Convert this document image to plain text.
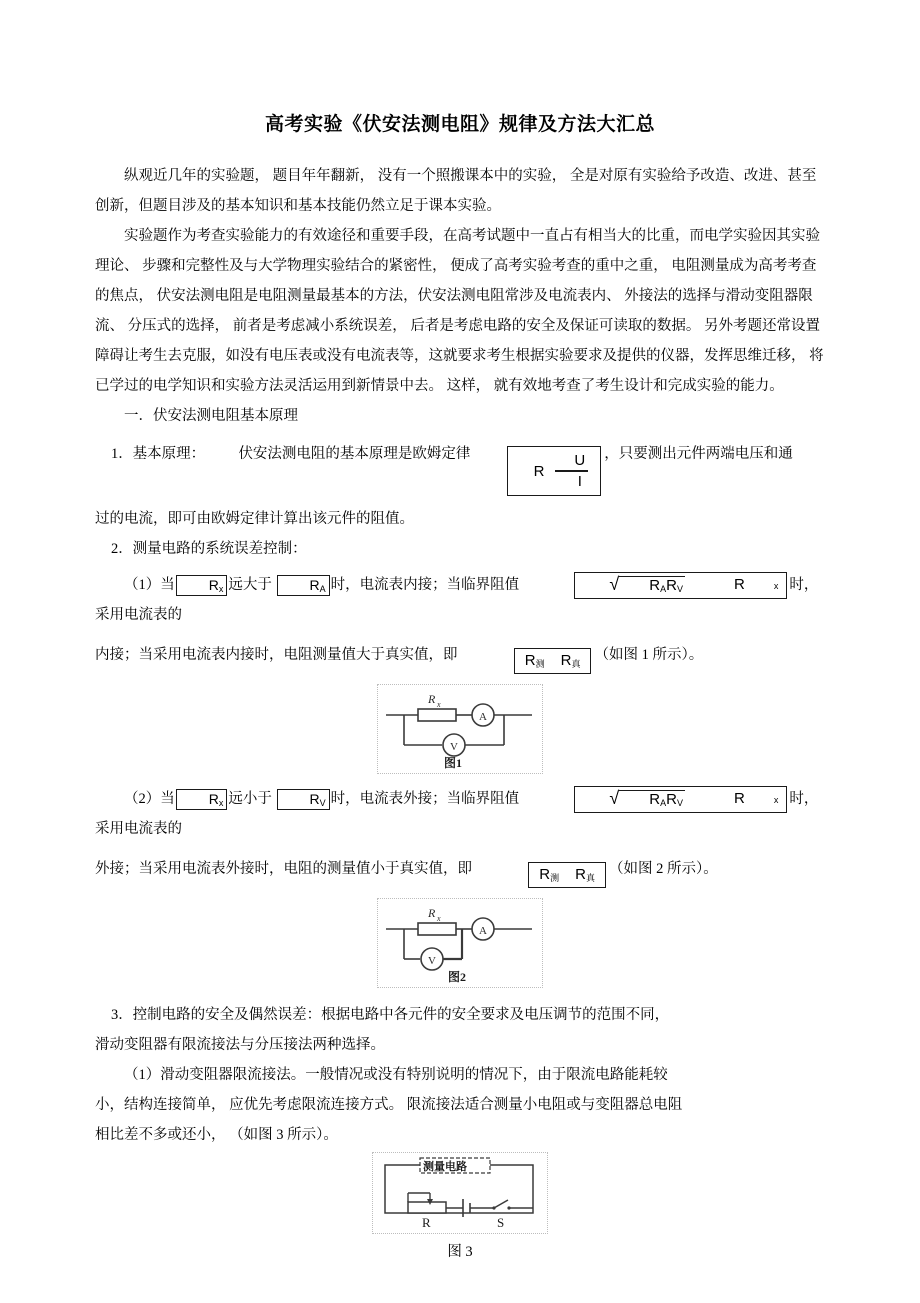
高考实验《伏安法测电阻》规律及方法大汇总

纵观近几年的实验题， 题目年年翻新， 没有一个照搬课本中的实验， 全是对原有实验给予改造、改进、甚至创新，但题目涉及的基本知识和基本技能仍然立足于课本实验。

实验题作为考查实验能力的有效途径和重要手段，在高考试题中一直占有相当大的比重，而电学实验因其实验理论、 步骤和完整性及与大学物理实验结合的紧密性， 便成了高考实验考查的重中之重， 电阻测量成为高考考查的焦点， 伏安法测电阻是电阻测量最基本的方法，伏安法测电阻常涉及电流表内、 外接法的选择与滑动变阻器限流、 分压式的选择， 前者是考虑减小系统误差， 后者是考虑电路的安全及保证可读取的数据。 另外考题还常设置障碍让考生去克服，如没有电压表或没有电流表等，这就要求考生根据实验要求及提供的仪器，发挥思维迁移， 将已学过的电学知识和实验方法灵活运用到新情景中去。 这样， 就有效地考查了考生设计和完成实验的能力。

一．伏安法测电阻基本原理

1．基本原理： 伏安法测电阻的基本原理是欧姆定律
R $\frac{U}{I}$ ，只要测出元件两端电压和通

过的电流，即可由欧姆定律计算出该元件的阻值。

2．测量电路的系统误差控制：

（1）当 $R_x$ 远大于	$R_A$ 时，电流表内接；当临界阻值	√	$R_AR_V$	R	$_x$ 时，采用电流表的

内接；当采用电流表内接时，电阻测量值大于真实值，即	$R_测$ $R_真$（如图 1 所示）。

R x
A
V
图1

（2）当 $R_x$ 远小于	$R_V$ 时，电流表外接；当临界阻值	√	$R_AR_V$	R	$_x$ 时，采用电流表的

外接；当采用电流表外接时，电阻的测量值小于真实值，即	$R_测$ $R_真$（如图 2 所示）。

R x
A
V
图2

3．控制电路的安全及偶然误差：根据电路中各元件的安全要求及电压调节的范围不同，

滑动变阻器有限流接法与分压接法两种选择。

（1）滑动变阻器限流接法。一般情况或没有特别说明的情况下，由于限流电路能耗较

小，结构连接简单， 应优先考虑限流连接方式。 限流接法适合测量小电阻或与变阻器总电阻

相比差不多或还小， （如图 3 所示）。

测量电路
R	S
图 3
